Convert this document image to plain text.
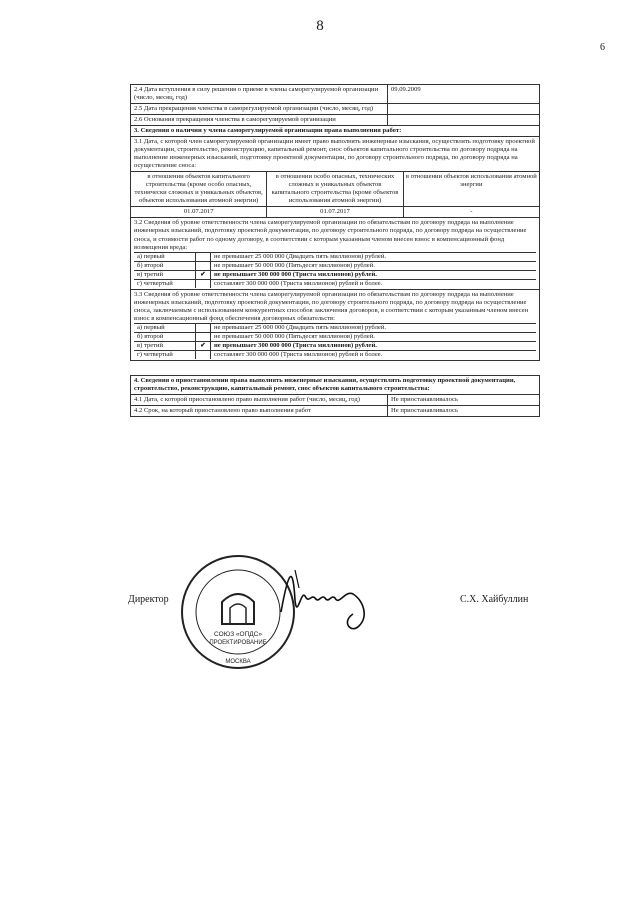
8
6
2.4 Дата вступления в силу решения о приеме в члены саморегулируемой организации (число, месяц, год)
09.09.2009
2.5 Дата прекращения членства в саморегулируемой организации (число, месяц, год)
2.6 Основания прекращения членства в саморегулируемой организации
3. Сведения о наличии у члена саморегулируемой организации права выполнения работ:
3.1 Дата, с которой член саморегулируемой организации имеет право выполнять инженерные изыскания, осуществлять подготовку проектной документации, строительство, реконструкцию, капитальный ремонт, снос объектов капитального строительства по договору подряда на выполнение инженерных изысканий, подготовку проектной документации, по договору строительного подряда, по договору подряда на осуществление сноса:
в отношении объектов капитального строительства (кроме особо опасных, технически сложных и уникальных объектов, объектов использования атомной энергии)
в отношении особо опасных, технических сложных и уникальных объектов капитального строительства (кроме объектов использования атомной энергии)
в отношении объектов использования атомной энергии
01.07.2017	01.07.2017	-
3.2 Сведения об уровне ответственности члена саморегулируемой организации по обязательствам по договору подряда на выполнение инженерных изысканий, подготовку проектной документации, по договору строительного подряда, по договору подряда на осуществление сноса, и стоимости работ по одному договору, в соответствии с которым указанным членом внесен взнос в компенсационный фонд возмещения вреда:
а) первый	не превышает 25 000 000 (Двадцать пять миллионов) рублей.
б) второй	не превышает 50 000 000 (Пятьдесят миллионов) рублей.
в) третий	✔	не превышает 300 000 000 (Триста миллионов) рублей.
г) четвертый	составляет 300 000 000 (Триста миллионов) рублей и более.
3.3 Сведения об уровне ответственности члена саморегулируемой организации по обязательствам по договору подряда на выполнение инженерных изысканий, подготовку проектной документации, по договору строительного подряда, по договору подряда на осуществление сноса, заключаемым с использованием конкурентных способов заключения договоров, в соответствии с которым указанным членом внесен взнос в компенсационный фонд обеспечения договорных обязательств:
а) первый	не превышает 25 000 000 (Двадцать пять миллионов) рублей.
б) второй	не превышает 50 000 000 (Пятьдесят миллионов) рублей.
в) третий	✔	не превышает 300 000 000 (Триста миллионов) рублей.
г) четвертый	составляет 300 000 000 (Триста миллионов) рублей и более.
4. Сведения о приостановлении права выполнять инженерные изыскания, осуществлять подготовку проектной документации, строительство, реконструкцию, капитальный ремонт, снос объектов капитального строительства:
4.1 Дата, с которой приостановлено право выполнения работ (число, месяц, год)	Не приостанавливалось
4.2 Срок, на который приостановлено право выполнения работ	Не приостанавливалось
Директор	С.Х. Хайбуллин
СОЮЗ «ОПДС»
ПРОЕКТИРОВАНИЕ
МОСКВА
